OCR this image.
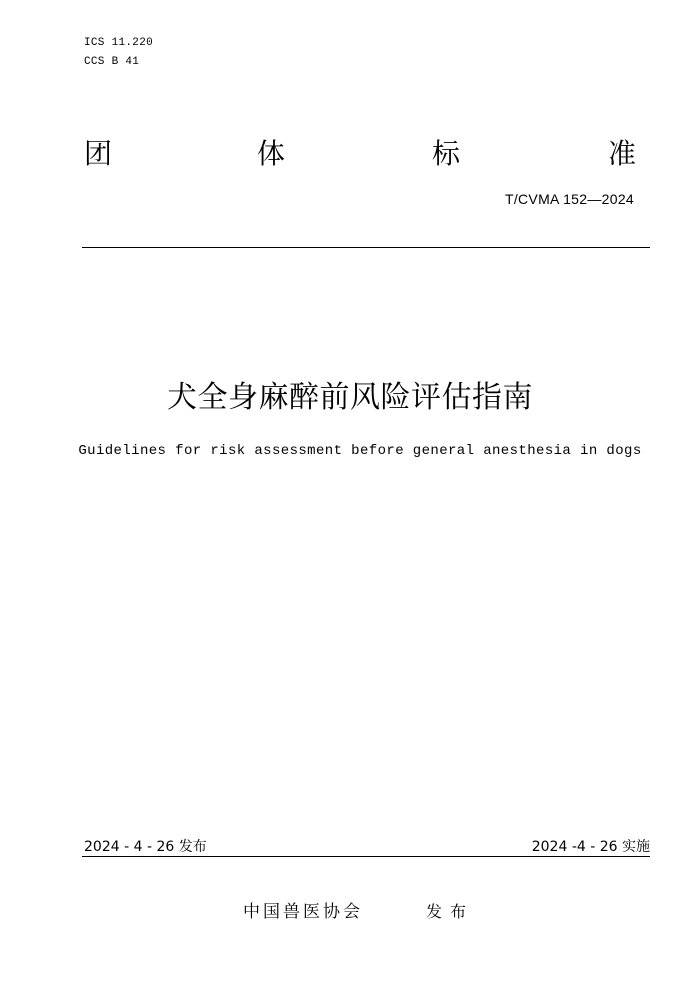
ICS 11.220
CCS B 41
团	体	标	准
T/CVMA 152—2024
犬全身麻醉前风险评估指南
Guidelines for risk assessment before general anesthesia in dogs
2024 - 4 - 26 发布	2024 -4 - 26 实施
中国兽医协会	发布
